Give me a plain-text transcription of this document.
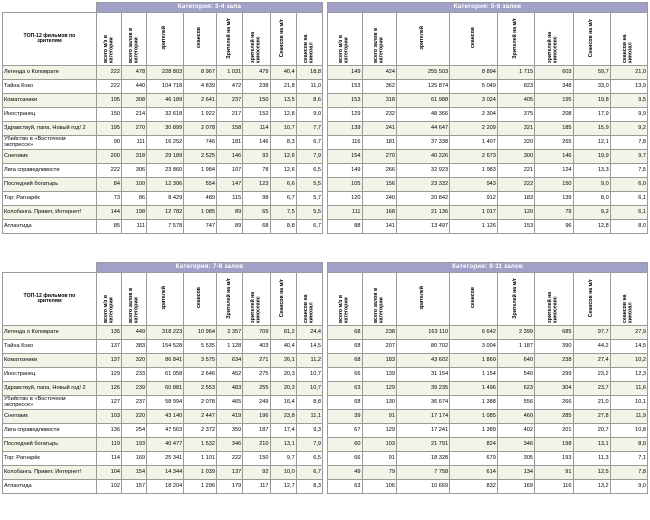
	Категория: 3-4 зала							
ТОП-12 фильмов по
зрителям	всего м/з в категории	всего залов в категории	зрителей	сеансов	Зрителей на м/г	зрителей на киносеанс	Сеансов на м/г	сеансов на кинозал
Легенда о Коловрате	222	478	228 803	8 967	1 031	479	40,4	18,8
Тайна Коко	222	440	104 718	4 839	472	238	21,8	11,0
Коматозники	195	308	46 189	2 641	237	150	13,5	8,6
Иностранец	150	214	32 618	1 922	217	152	12,8	9,0
Здравствуй, папа, Новый год! 2	195	270	30 899	2 078	158	114	10,7	7,7
Убийство в «Восточном экспрессе»	90	111	16 252	746	181	146	8,3	6,7
Снеговик	200	318	29 189	2 525	146	92	12,6	7,9
Лига справедливости	222	306	23 860	1 984	107	78	12,6	6,5
Последний богатырь	84	100	12 306	554	147	123	6,6	5,5
Тор: Рагнарёк	73	86	8 429	489	115	98	6,7	5,7
Колобанга. Привет, Интернет!	144	198	12 782	1 085	89	65	7,5	5,5
Атлантида	85	111	7 578	747	89	68	8,8	6,7
Категория: 5-6 залов							
всего м/з в категории	всего залов в категории	зрителей	сеансов	Зрителей на м/г	зрителей на киносеанс	Сеансов на м/г	сеансов на кинозал
149	424	255 503	8 894	1 715	603	59,7	21,0
153	362	125 874	5 049	823	348	33,0	13,9
153	318	61 988	3 024	405	195	19,8	9,5
129	232	48 366	2 304	375	208	17,9	9,9
139	241	44 647	2 209	321	185	15,9	9,2
116	181	37 338	1 407	320	265	12,1	7,8
154	270	40 226	2 673	300	146	19,9	9,7
149	266	32 923	1 983	221	124	13,3	7,5
105	156	23 332	943	222	150	9,0	6,0
120	240	20 842	912	183	139	8,0	6,1
111	168	21 136	1 017	120	79	9,2	6,1
88	141	13 497	1 126	153	96	12,8	8,0
	Категория: 7-8 залов							
ТОП-12 фильмов по
зрителям	всего м/з в категории	всего залов в категории	зрителей	сеансов	Зрителей на м/г	зрителей на киносеанс	Сеансов на м/г	сеансов на кинозал
Легенда о Коловрате	135	449	318 223	10 964	2 357	709	81,2	24,4
Тайна Коко	137	383	154 528	5 535	1 128	403	40,4	14,5
Коматозники	137	320	86 841	3 575	634	271	26,1	11,2
Иностранец	129	233	61 058	2 646	452	275	20,3	10,7
Здравствуй, папа, Новый год! 2	126	239	60 881	2 553	483	255	20,3	10,7
Убийство в «Восточном экспрессе»	127	237	58 994	2 078	465	249	16,4	8,8
Снеговик	103	220	43 140	2 447	419	196	23,8	11,1
Лига справедливости	136	254	47 563	2 372	350	187	17,4	9,3
Последний богатырь	119	193	40 477	1 532	346	210	13,1	7,9
Тор: Рагнарёк	114	169	25 341	1 101	222	150	9,7	6,5
Колобанга. Привет, Интернет!	104	154	14 344	1 039	137	92	10,0	6,7
Атлантида	102	157	18 204	1 296	179	117	12,7	8,3
Категория: 9-11 залов							
всего м/з в категории	всего залов в категории	зрителей	сеансов	Зрителей на м/г	зрителей на киносеанс	Сеансов на м/г	сеансов на кинозал
68	238	163 110	6 642	2 399	685	97,7	27,9
68	207	80 702	3 004	1 187	390	44,2	14,5
68	183	43 602	1 860	640	238	27,4	10,2
66	139	31 154	1 154	540	299	23,2	12,3
63	129	39 235	1 496	623	304	23,7	11,6
68	130	36 674	1 388	556	266	21,0	10,1
39	91	17 174	1 085	460	285	27,8	11,9
67	129	17 241	1 389	402	201	20,7	10,8
60	103	21 791	824	346	198	13,1	8,0
66	91	18 328	679	305	193	11,3	7,1
49	79	7 758	614	134	91	12,5	7,8
63	106	10 669	832	169	116	13,2	9,0
